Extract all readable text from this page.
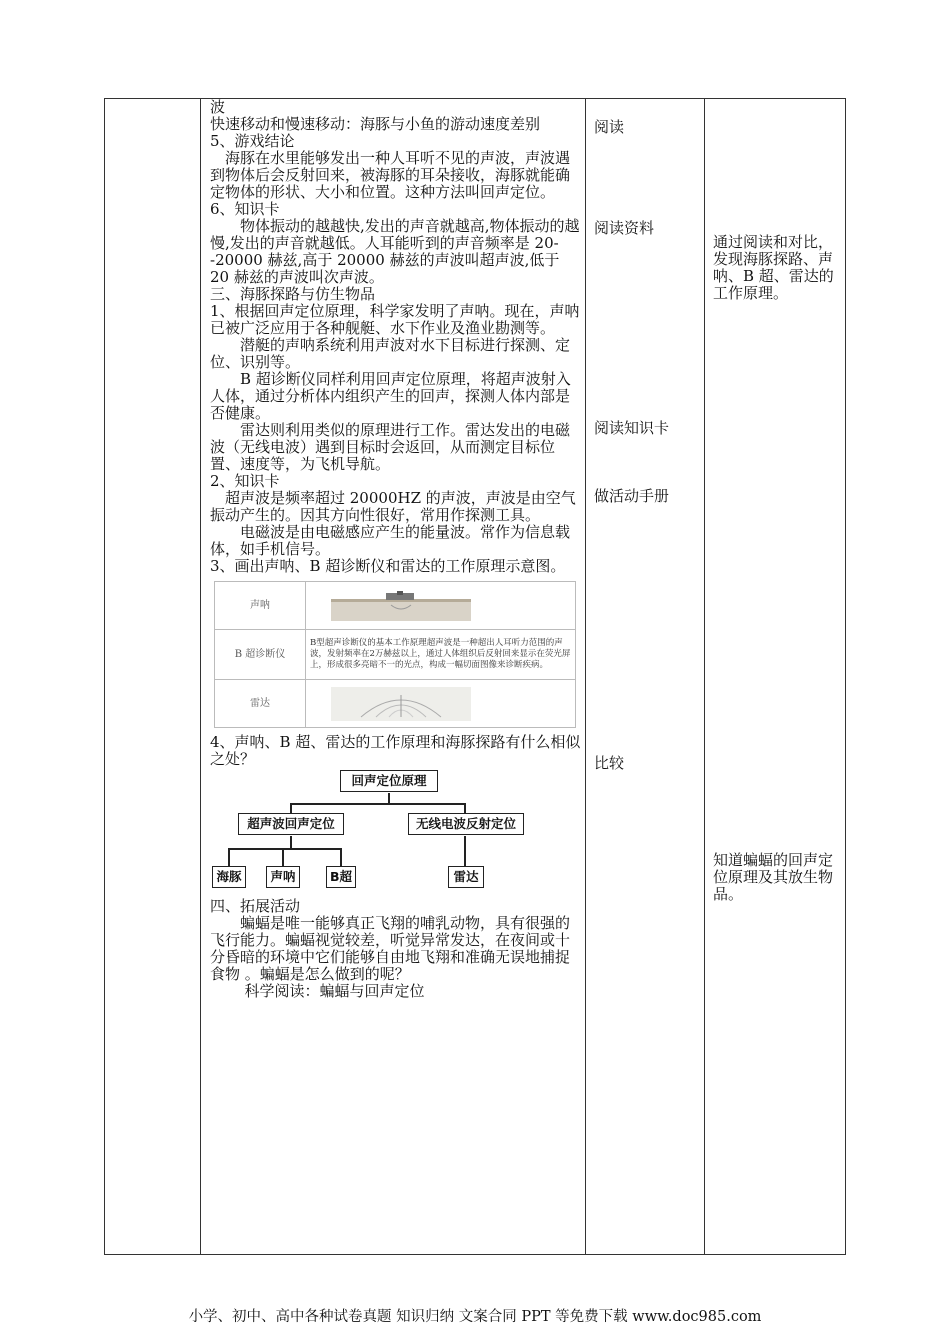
波

快速移动和慢速移动：海豚与小鱼的游动速度差别

5、游戏结论

海豚在水里能够发出一种人耳听不见的声波，声波遇到物体后会反射回来，被海豚的耳朵接收，海豚就能确定物体的形状、大小和位置。这种方法叫回声定位。

6、知识卡

物体振动的越越快,发出的声音就越高,物体振动的越慢,发出的声音就越低。人耳能听到的声音频率是 20--20000 赫兹,高于 20000 赫兹的声波叫超声波,低于 20 赫兹的声波叫次声波。

三、海豚探路与仿生物品

1、根据回声定位原理，科学家发明了声呐。现在，声呐已被广泛应用于各种舰艇、水下作业及渔业勘测等。

潜艇的声呐系统利用声波对水下目标进行探测、定位、识别等。

B 超诊断仪同样利用回声定位原理，将超声波射入人体，通过分析体内组织产生的回声，探测人体内部是否健康。

雷达则利用类似的原理进行工作。雷达发出的电磁波（无线电波）遇到目标时会返回，从而测定目标位置、速度等，为飞机导航。

2、知识卡

超声波是频率超过 20000HZ 的声波，声波是由空气振动产生的。因其方向性很好，常用作探测工具。

电磁波是由电磁感应产生的能量波。常作为信息载体，如手机信号。

3、画出声呐、B 超诊断仪和雷达的工作原理示意图。

声呐	

B 超诊断仪	B型超声诊断仪的基本工作原理超声波是一种超出人耳听力范围的声波，发射频率在2万赫兹以上，通过人体组织后反射回来显示在荧光屏上，形成很多亮暗不一的光点，构成一幅切面图像来诊断疾病。
雷达	

4、声呐、B 超、雷达的工作原理和海豚探路有什么相似之处？

回声定位原理
超声波回声定位	无线电波反射定位
海豚	声呐	B超	雷达

四、拓展活动

蝙蝠是唯一能够真正飞翔的哺乳动物，具有很强的飞行能力。蝙蝠视觉较差，听觉异常发达，在夜间或十分昏暗的环境中它们能够自由地飞翔和准确无误地捕捉食物 。蝙蝠是怎么做到的呢？

科学阅读：蝙蝠与回声定位

阅读
阅读资料
阅读知识卡
做活动手册
比较
通过阅读和对比，发现海豚探路、声呐、B 超、雷达的工作原理。
知道蝙蝠的回声定位原理及其放生物品。
小学、初中、高中各种试卷真题 知识归纳 文案合同 PPT 等免费下载 www.doc985.com
